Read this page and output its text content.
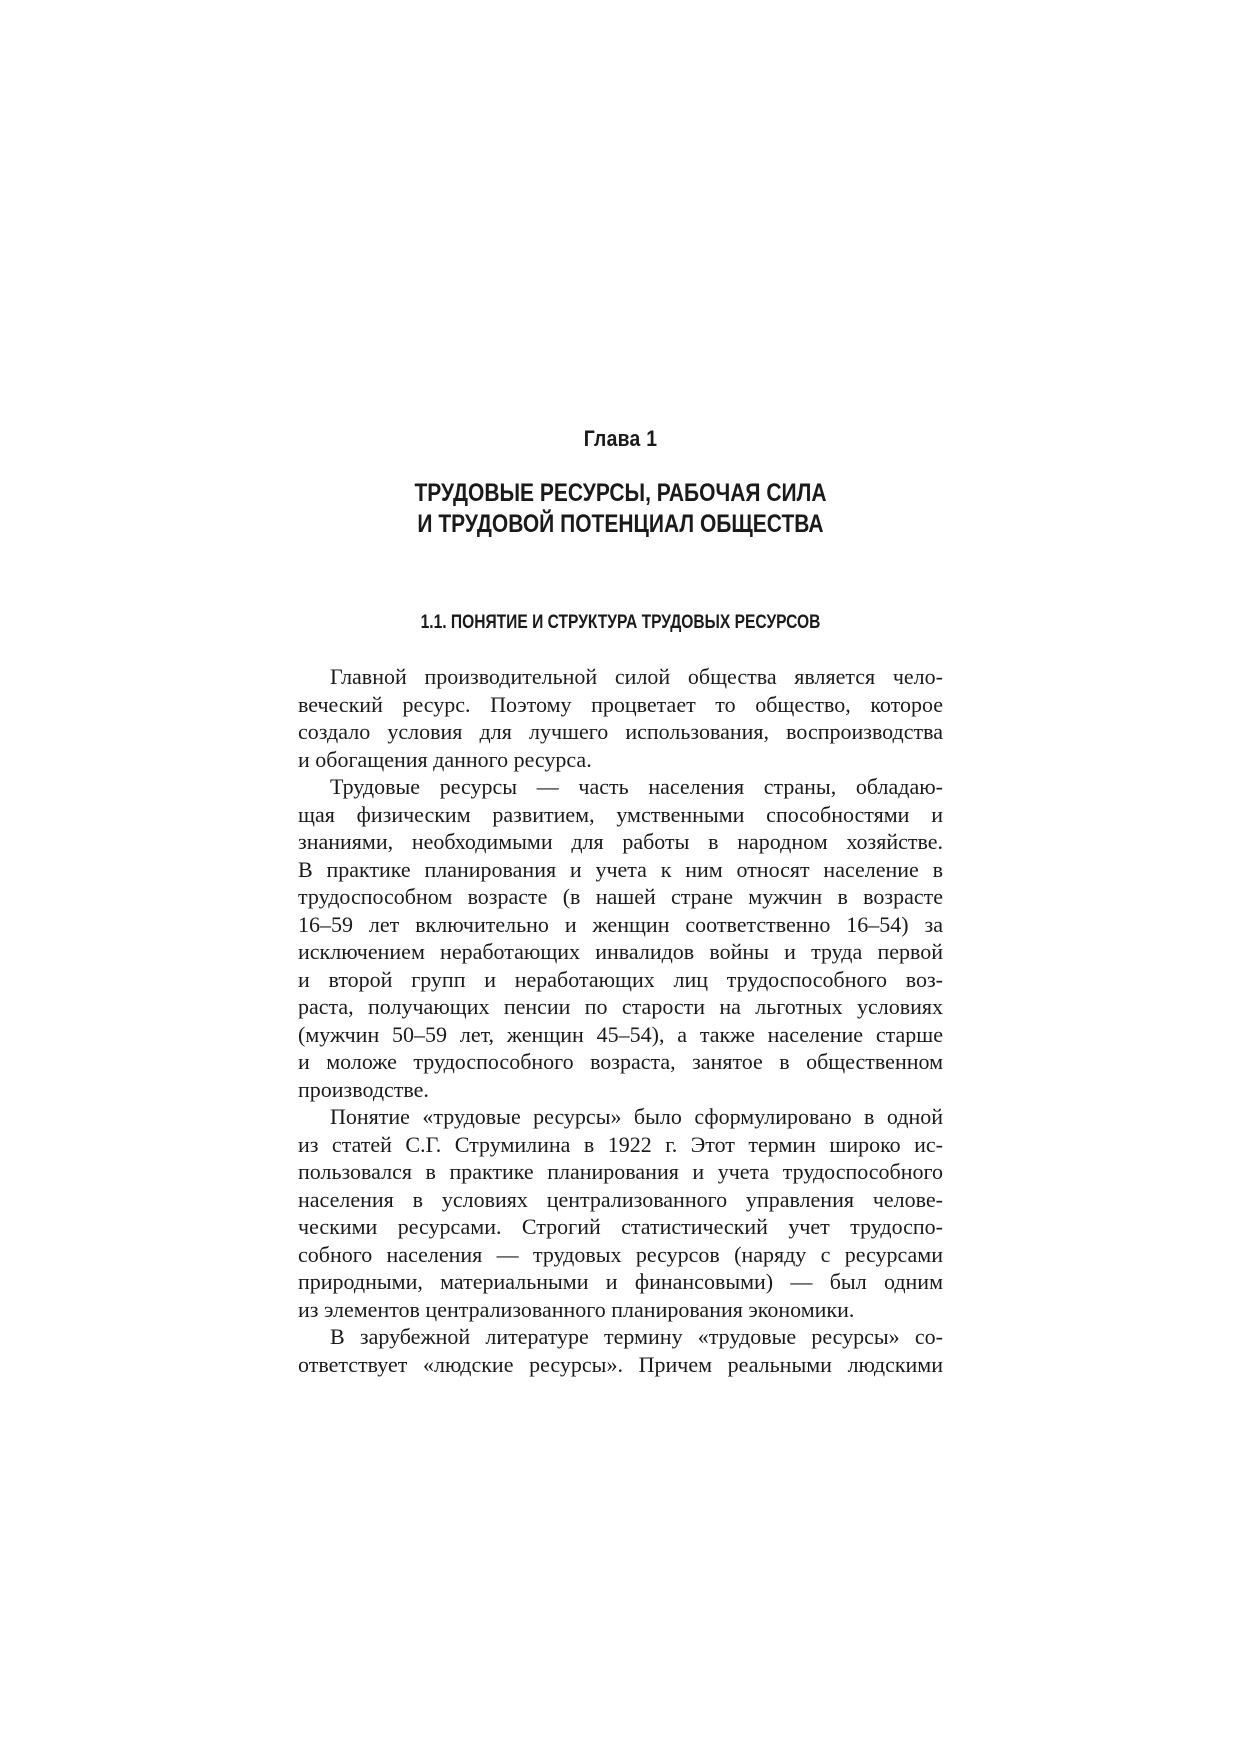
Глава 1
ТРУДОВЫЕ РЕСУРСЫ, РАБОЧАЯ СИЛА
И ТРУДОВОЙ ПОТЕНЦИАЛ ОБЩЕСТВА
1.1. ПОНЯТИЕ И СТРУКТУРА ТРУДОВЫХ РЕСУРСОВ
Главной производительной силой общества является чело-
веческий ресурс. Поэтому процветает то общество, которое
создало условия для лучшего использования, воспроизводства
и обогащения данного ресурса.
Трудовые ресурсы — часть населения страны, обладаю-
щая физическим развитием, умственными способностями и
знаниями, необходимыми для работы в народном хозяйстве.
В практике планирования и учета к ним относят население в
трудоспособном возрасте (в нашей стране мужчин в возрасте
16–59 лет включительно и женщин соответственно 16–54) за
исключением неработающих инвалидов войны и труда первой
и второй групп и неработающих лиц трудоспособного воз-
раста, получающих пенсии по старости на льготных условиях
(мужчин 50–59 лет, женщин 45–54), а также население старше
и моложе трудоспособного возраста, занятое в общественном
производстве.
Понятие «трудовые ресурсы» было сформулировано в одной
из статей С.Г. Струмилина в 1922 г. Этот термин широко ис-
пользовался в практике планирования и учета трудоспособного
населения в условиях централизованного управления челове-
ческими ресурсами. Строгий статистический учет трудоспо-
собного населения — трудовых ресурсов (наряду с ресурсами
природными, материальными и финансовыми) — был одним
из элементов централизованного планирования экономики.
В зарубежной литературе термину «трудовые ресурсы» со-
ответствует «людские ресурсы». Причем реальными людскими
